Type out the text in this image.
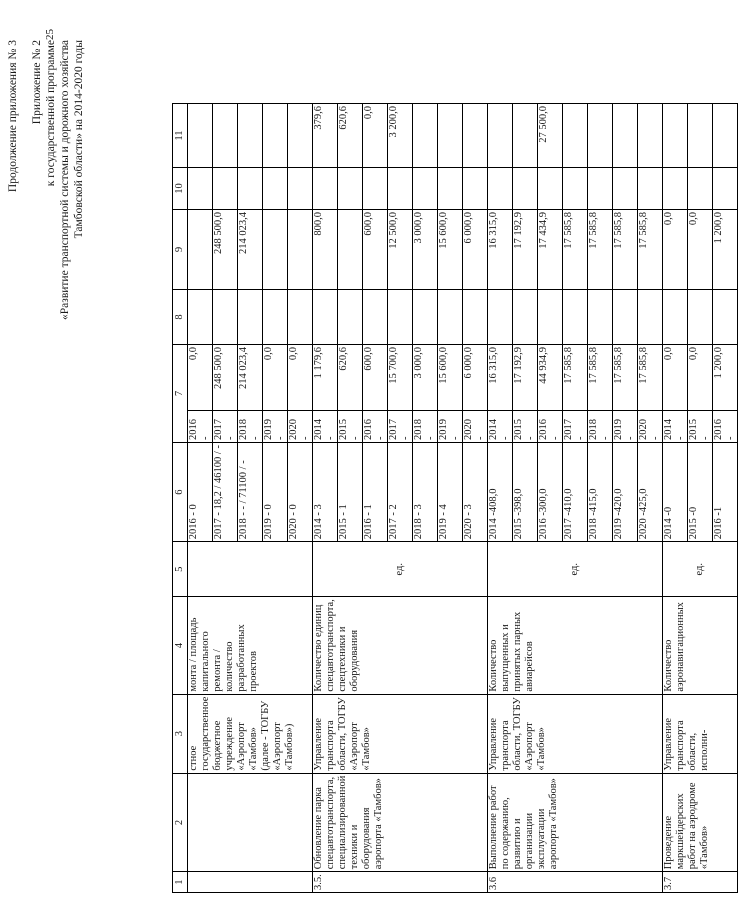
Продолжение приложения № 3 Приложение № 2 к государственной программе «Развитие транспортной системы и дорожного хозяйства Тамбовской области» на 2014-2020 годы
25
1	2	3	4	5	6	7		8	9	10	11
		стное государственное бюджетное учреждение «Аэропорт «Тамбов» (далее - ТОГБУ «Аэропорт «Тамбов»)	монта / площадь капитального ремонта / количество разработанных проектов		2016 - 0	2016 -	0,0				
					2017 - 18,2 / 46100 / -	2017 -	248 500,0		248 500,0		
					2018 - - / 71100 / -	2018 -	214 023,4		214 023,4		
					2019 - 0	2019 -	0,0				
					2020 - 0	2020 -	0,0				
3.5.	Обновление парка спецавтотранспорта, специализированной техники и оборудования аэропорта «Тамбов»	Управление транспорта области, ТОГБУ «Аэропорт «Тамбов»	Количество единиц спецавтотранспорта, спецтехники и оборудования	ед.	2014 - 3	2014 -	1 179,6		800,0		379,6
					2015 - 1	2015 -	620,6				620,6
					2016 - 1	2016 -	600,0		600,0		0,0
					2017 - 2	2017 -	15 700,0		12 500,0		3 200,0
					2018 - 3	2018 -	3 000,0		3 000,0		
					2019 - 4	2019 -	15 600,0		15 600,0		
					2020 - 3	2020 -	6 000,0		6 000,0		
3.6	Выполнение работ по содержанию, развитию и организации эксплуатации аэропорта «Тамбов»	Управление транспорта области, ТОГБУ «Аэропорт «Тамбов»	Количество выпущенных и принятых парных авиарейсов	ед.	2014 -408,0	2014 -	16 315,0		16 315,0		
					2015 -398,0	2015 -	17 192,9		17 192,9		
					2016 -300,0	2016 -	44 934,9		17 434,9		27 500,0
					2017 -410,0	2017 -	17 585,8		17 585,8		
					2018 -415,0	2018 -	17 585,8		17 585,8		
					2019 -420,0	2019 -	17 585,8		17 585,8		
					2020 -425,0	2020 -	17 585,8		17 585,8		
3.7	Проведение маркшейдерских работ на аэродроме «Тамбов»	Управление транспорта области, исполни-	Количество аэронавигационных	ед.	2014 -0	2014 -	0,0		0,0		
					2015 -0	2015 -	0,0		0,0		
					2016 -1	2016 -	1 200,0		1 200,0		
